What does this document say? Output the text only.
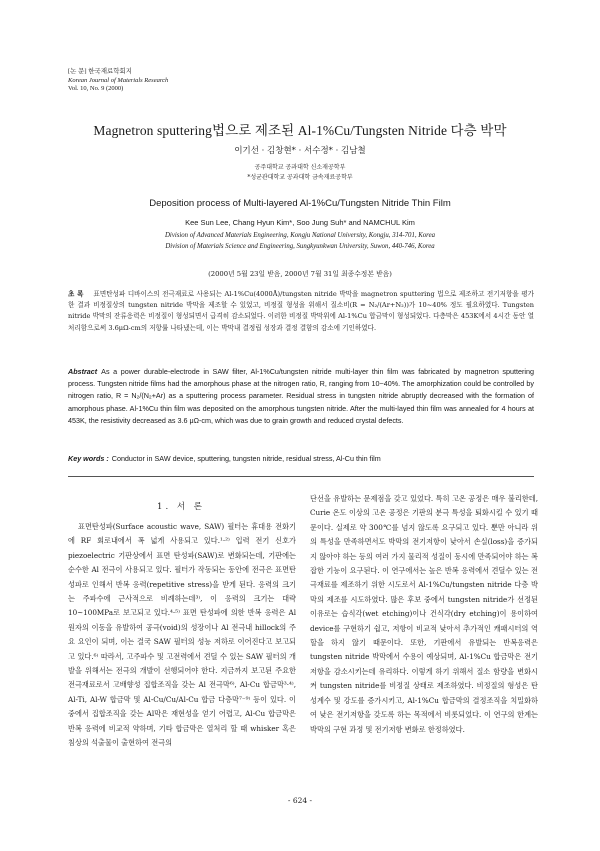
[논 문] 한국재료학회지
Korean Journal of Materials Research
Vol. 10, No. 9 (2000)
Magnetron sputtering법으로 제조된 Al-1%Cu/Tungsten Nitride 다층 박막
이기선 · 김창현* · 서수정* · 김남철
공주대학교 공과대학 신소재공학부
*성균관대학교 공과대학 금속재료공학부
Deposition process of Multi-layered Al-1%Cu/Tungsten Nitride Thin Film
Kee Sun Lee, Chang Hyun Kim*, Soo Jung Suh* and NAMCHUL Kim
Division of Advanced Materials Engineering, Kongju National University, Kongju, 314-701, Korea
Division of Materials Science and Engineering, Sungkyunkwan University, Suwon, 440-746, Korea
(2000년 5월 23일 받음, 2000년 7월 31일 최종수정본 받음)
초 록 표면탄성파 디바이스의 전극재료로 사용되는 Al-1%Cu(4000Å)/tungsten nitride 박막을 magnetron sputtering 법으로 제조하고 전기저항을 평가한 결과 비정질상의 tungsten nitride 박막을 제조할 수 있었고, 비정질 형성을 위해서 질소비(R = N₂/(Ar+N₂))가 10~40% 정도 필요하였다. Tungsten nitride 박막의 잔류응력은 비정질이 형성되면서 급격히 감소되었다. 이러한 비정질 박막위에 Al-1%Cu 합금막이 형성되었다. 다층막은 453K에서 4시간 동안 열처리함으로써 3.6μΩ-cm의 저항률 나타냈는데, 이는 박막내 결정립 성장과 결정 결함의 감소에 기인하였다.
Abstract As a power durable-electrode in SAW filter, Al-1%Cu/tungsten nitride multi-layer thin film was fabricated by magnetron sputtering process. Tungsten nitride films had the amorphous phase at the nitrogen ratio, R, ranging from 10~40%. The amorphization could be controlled by nitrogen ratio, R = N₂/(N₂+Ar) as a sputtering process parameter. Residual stress in tungsten nitride abruptly decreased with the formation of amorphous phase. Al-1%Cu thin film was deposited on the amorphous tungsten nitride. After the multi-layed thin film was annealed for 4 hours at 453K, the resistivity decreased as 3.6 μΩ-cm, which was due to grain growth and reduced crystal defects.
Key words : Conductor in SAW device, sputtering, tungsten nitride, residual stress, Al-Cu thin film
1. 서 론

표면탄성파(Surface acoustic wave, SAW) 필터는 휴대용 전화기에 RF 회로내에서 폭 넓게 사용되고 있다.¹·²⁾ 입력 전기 신호가 piezoelectric 기판상에서 표면 탄성파(SAW)로 변화되는데, 기판에는 순수한 Al 전극이 사용되고 있다. 필터가 작동되는 동안에 전극은 표면탄성파로 인해서 반복 응력(repetitive stress)을 받게 된다. 응력의 크기는 주파수에 근사적으로 비례하는데³⁾, 이 응력의 크기는 대략 10~100MPa로 보고되고 있다.⁴·⁵⁾ 표면 탄성파에 의한 반복 응력은 Al 원자의 이동을 유발하여 공극(void)의 성장이나 Al 전극내 hillock의 주요 요인이 되며, 이는 결국 SAW 필터의 성능 저하로 이어진다고 보고되고 있다.⁶⁾ 따라서, 고주파수 및 고전력에서 견딜 수 있는 SAW 필터의 개발을 위해서는 전극의 개발이 선행되어야 한다. 지금까지 보고된 주요한 전극재료로서 고배향성 집합조직을 갖는 Al 전극막⁶⁾, Al-Cu 합금막³·⁴⁾, Al-Ti, Al-W 합금막 및 Al-Cu/Cu/Al-Cu 합금 다층막⁷⁻⁹⁾ 등이 있다. 이중에서 집합조직을 갖는 Al막은 재현성을 얻기 어렵고, Al-Cu 합금막은 반복 응력에 비교적 약하며, 기타 합금막은 열처리 할 때 whisker 혹은 침상의 석출물이 출현하여 전극의

단선을 유발하는 문제점을 갖고 있었다. 특히 고온 공정은 매우 불리한데, Curie 온도 이상의 고온 공정은 기판의 분극 특성을 퇴화시킬 수 있기 때문이다. 실제로 약 300℃를 넘지 않도록 요구되고 있다. 뿐만 아니라 위의 특성을 만족하면서도 박막의 전기저항이 낮아서 손실(loss)을 증가되지 않아야 하는 등의 여러 가지 물리적 성질이 동시에 만족되어야 하는 복잡한 기능이 요구된다. 이 연구에서는 높은 반복 응력에서 견딜수 있는 전극재료를 제조하기 위한 시도로서 Al-1%Cu/tungsten nitride 다층 박막의 제조를 시도하였다. 많은 후보 중에서 tungsten nitride가 선정된 이유로는 습식각(wet etching)이나 건식각(dry etching)이 용이하여 device를 구현하기 쉽고, 저항이 비교적 낮아서 추가적인 캐패시터의 역할을 하지 않기 때문이다. 또한, 기판에서 유발되는 반복응력은 tungsten nitride 박막에서 수용이 예상되며, Al-1%Cu 합금막은 전기저항을 감소시키는데 유리하다. 이렇게 하기 위해서 질소 함량을 변화시켜 tungsten nitride를 비정질 상태로 제조하였다. 비정질의 형성은 탄성계수 및 강도를 증가시키고, Al-1%Cu 합금막의 결정조직을 치밀화하여 낮은 전기저항을 갖도록 하는 목적에서 비롯되었다. 이 연구의 한계는 박막의 구현 과정 및 전기저항 변화로 한정하였다.

- 624 -
